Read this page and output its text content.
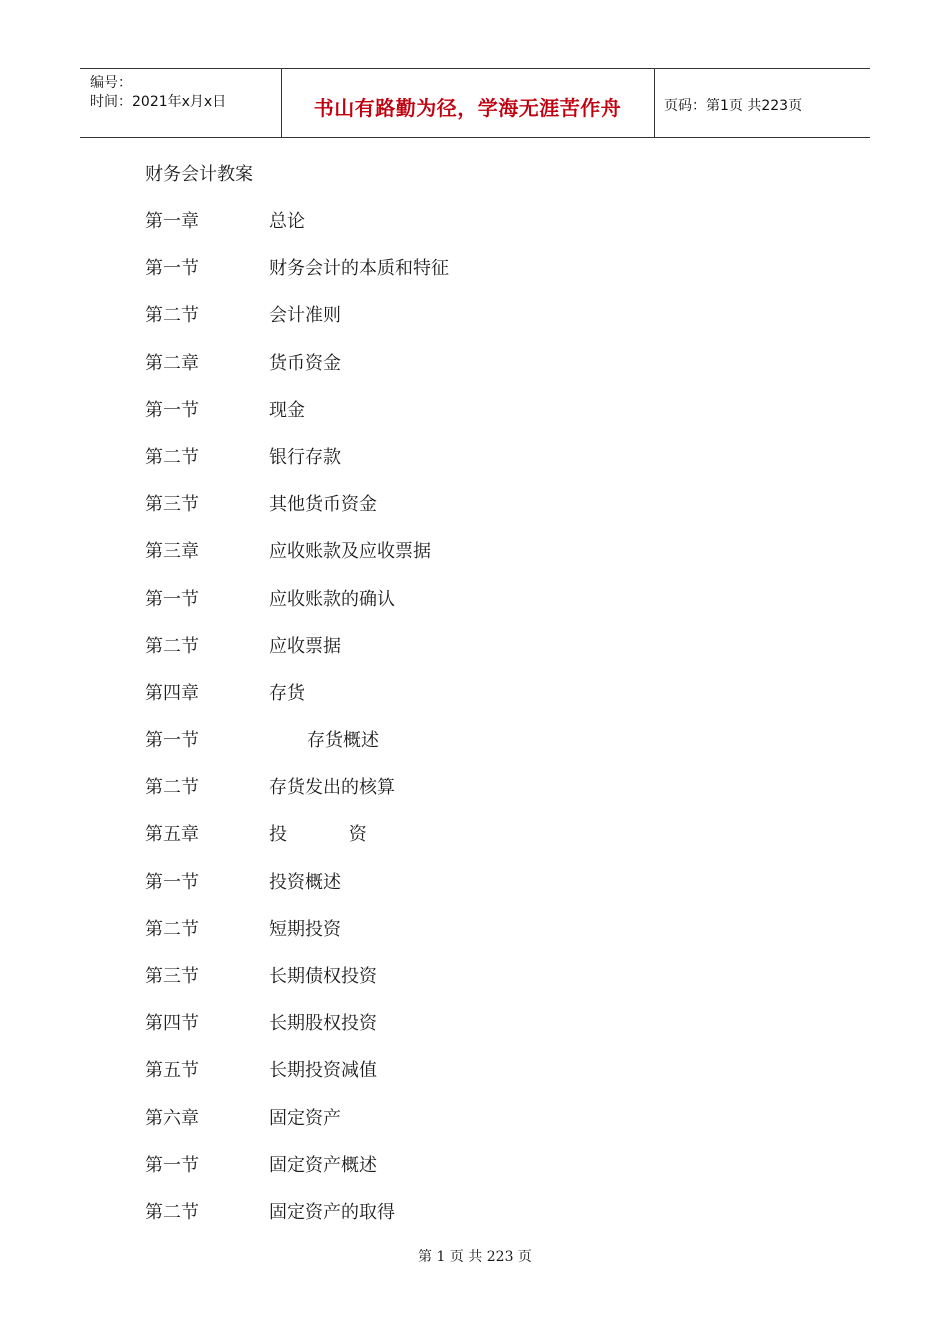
编号：
时间：2021年x月x日	书山有路勤为径，学海无涯苦作舟	页码：第1页 共223页
财务会计教案
第一章	总论
第一节	财务会计的本质和特征
第二节	会计准则
第二章	货币资金
第一节	现金
第二节	银行存款
第三节	其他货币资金
第三章	应收账款及应收票据
第一节	应收账款的确认
第二节	应收票据
第四章	存货
第一节	存货概述
第二节	存货发出的核算
第五章	投 资
第一节	投资概述
第二节	短期投资
第三节	长期债权投资
第四节	长期股权投资
第五节	长期投资减值
第六章	固定资产
第一节	固定资产概述
第二节	固定资产的取得
第 1 页 共 223 页
